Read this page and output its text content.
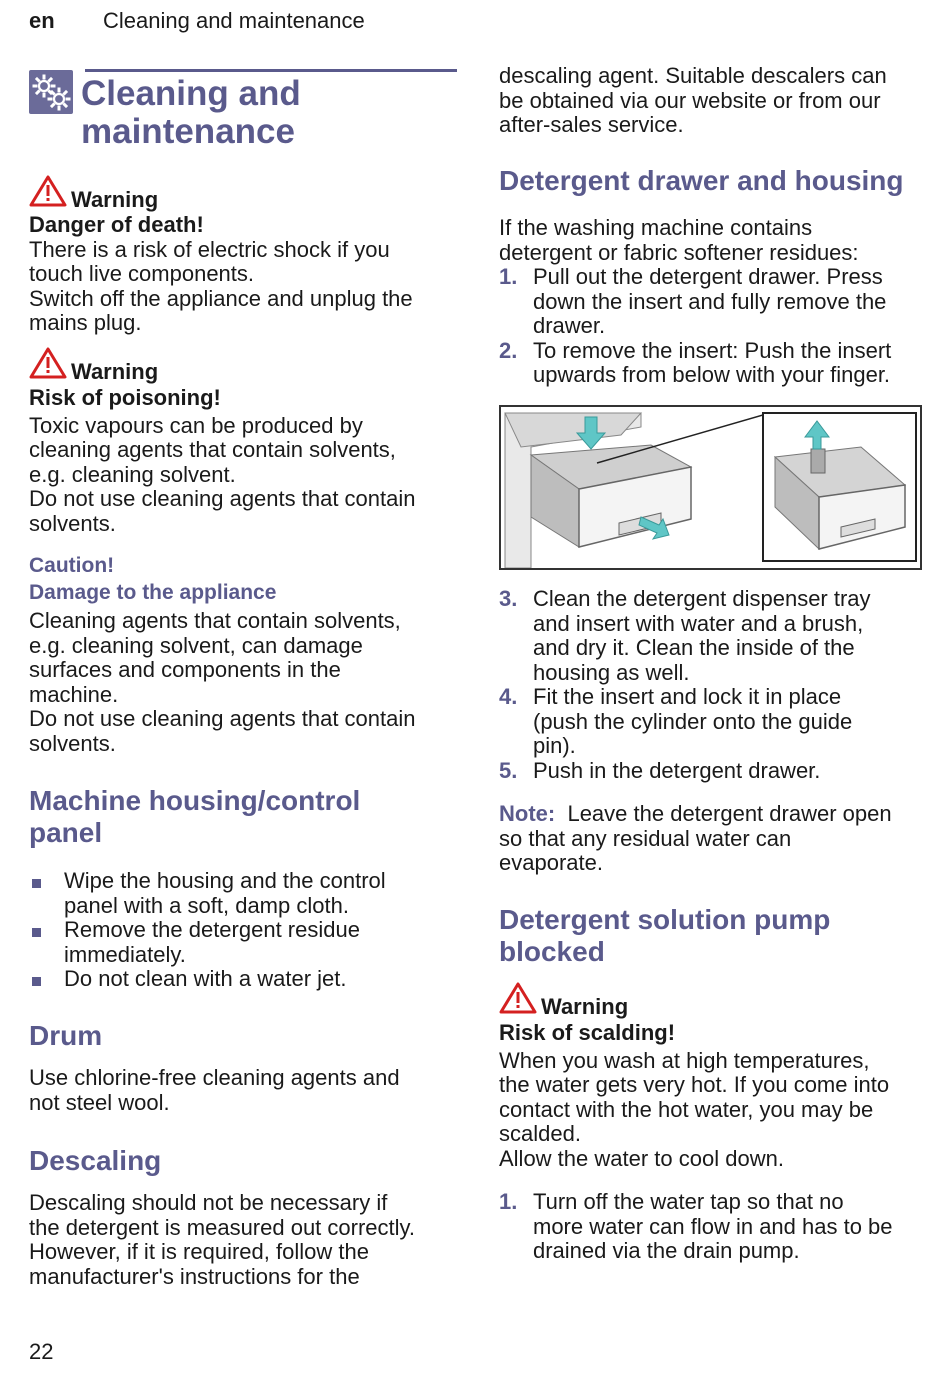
en Cleaning and maintenance
Cleaning and
maintenance
Warning
Danger of death!
There is a risk of electric shock if you
touch live components.
Switch off the appliance and unplug the
mains plug.
Warning
Risk of poisoning!
Toxic vapours can be produced by
cleaning agents that contain solvents,
e.g. cleaning solvent.
Do not use cleaning agents that contain
solvents.
Caution!
Damage to the appliance
Cleaning agents that contain solvents,
e.g. cleaning solvent, can damage
surfaces and components in the
machine.
Do not use cleaning agents that contain
solvents.
Machine housing/control
panel
Wipe the housing and the control
panel with a soft, damp cloth.
Remove the detergent residue
immediately.
Do not clean with a water jet.
Drum
Use chlorine-free cleaning agents and
not steel wool.
Descaling
Descaling should not be necessary if
the detergent is measured out correctly.
However, if it is required, follow the
manufacturer's instructions for the
descaling agent. Suitable descalers can
be obtained via our website or from our
after-sales service.
Detergent drawer and housing
If the washing machine contains
detergent or fabric softener residues:
1. Pull out the detergent drawer. Press
down the insert and fully remove the
drawer.
2. To remove the insert: Push the insert
upwards from below with your finger.
3. Clean the detergent dispenser tray
and insert with water and a brush,
and dry it. Clean the inside of the
housing as well.
4. Fit the insert and lock it in place
(push the cylinder onto the guide
pin).
5. Push in the detergent drawer.
Note: Leave the detergent drawer open
so that any residual water can
evaporate.
Detergent solution pump
blocked
Warning
Risk of scalding!
When you wash at high temperatures,
the water gets very hot. If you come into
contact with the hot water, you may be
scalded.
Allow the water to cool down.
1. Turn off the water tap so that no
more water can flow in and has to be
drained via the drain pump.
22
